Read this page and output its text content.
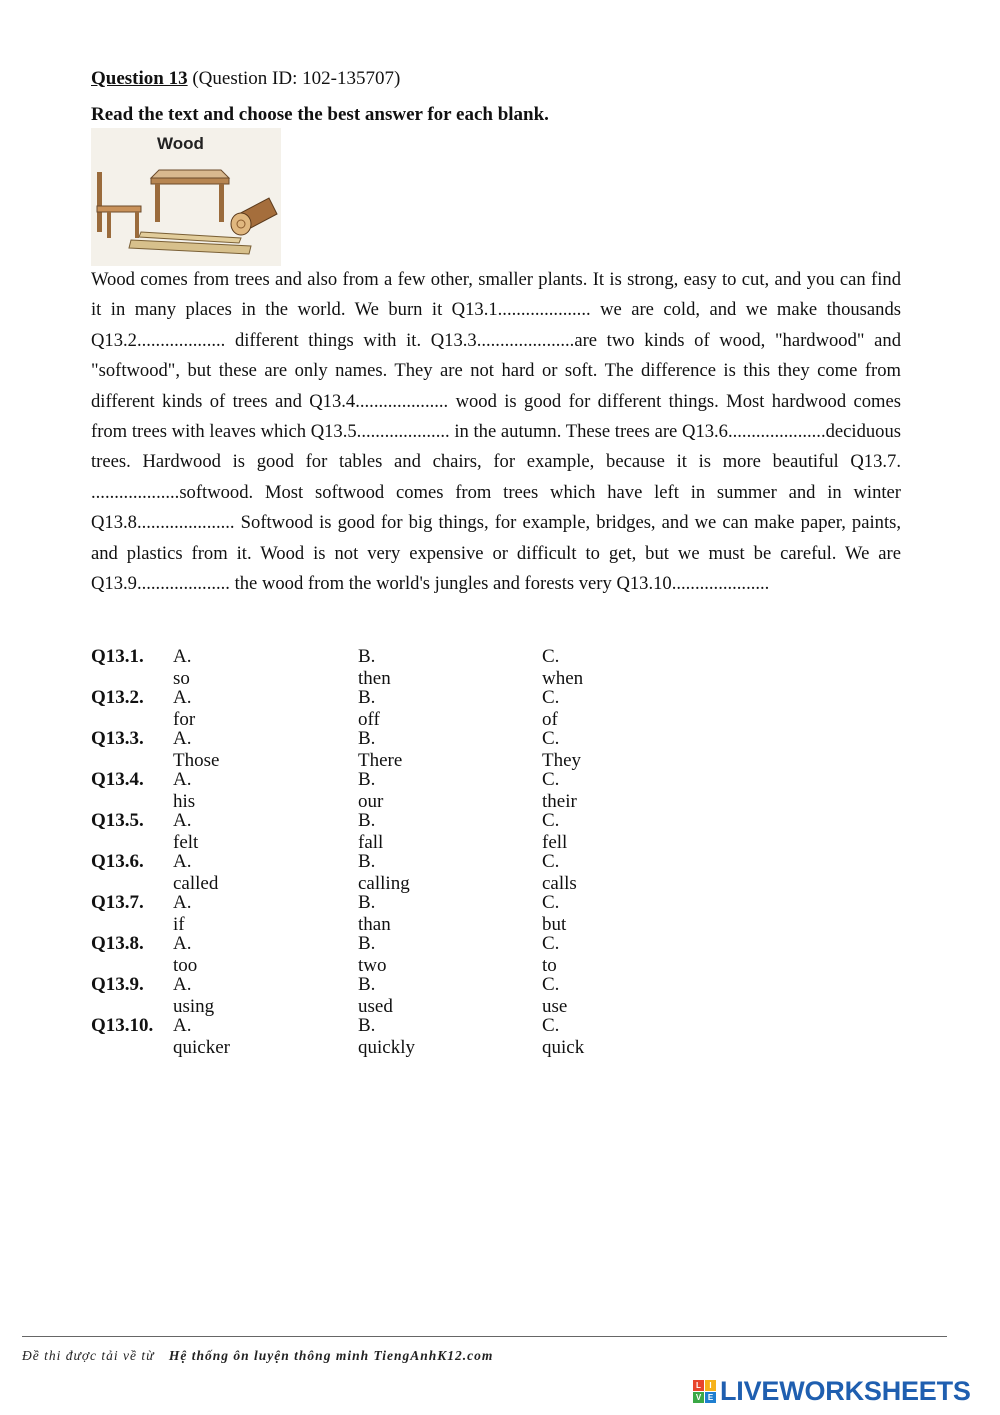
Question 13 (Question ID: 102-135707)
Read the text and choose the best answer for each blank.
Wood
Wood comes from trees and also from a few other, smaller plants. It is strong, easy to cut, and you can find it in many places in the world. We burn it Q13.1.................... we are cold, and we make thousands Q13.2................... different things with it. Q13.3.....................are two kinds of wood, "hardwood" and "softwood", but these are only names. They are not hard or soft. The difference is this they come from different kinds of trees and Q13.4.................... wood is good for different things. Most hardwood comes from trees with leaves which Q13.5.................... in the autumn. These trees are Q13.6.....................deciduous trees. Hardwood is good for tables and chairs, for example, because it is more beautiful Q13.7. ...................softwood. Most softwood comes from trees which have left in summer and in winter Q13.8..................... Softwood is good for big things, for example, bridges, and we can make paper, paints, and plastics from it. Wood is not very expensive or difficult to get, but we must be careful. We are Q13.9.................... the wood from the world's jungles and forests very Q13.10.....................
Q13.1. A. so
B. then
C. when
Q13.2. A. for
B. off
C. of
Q13.3. A. Those
B. There
C. They
Q13.4. A. his
B. our
C. their
Q13.5. A. felt
B. fall
C. fell
Q13.6. A. called
B. calling
C. calls
Q13.7. A. if
B. than
C. but
Q13.8. A. too
B. two
C. to
Q13.9. A. using
B. used
C. use
Q13.10. A. quicker
B. quickly
C. quick
Đề thi được tải về từ Hệ thống ôn luyện thông minh TiengAnhK12.com
L	I
V E LIVEWORKSHEETS
